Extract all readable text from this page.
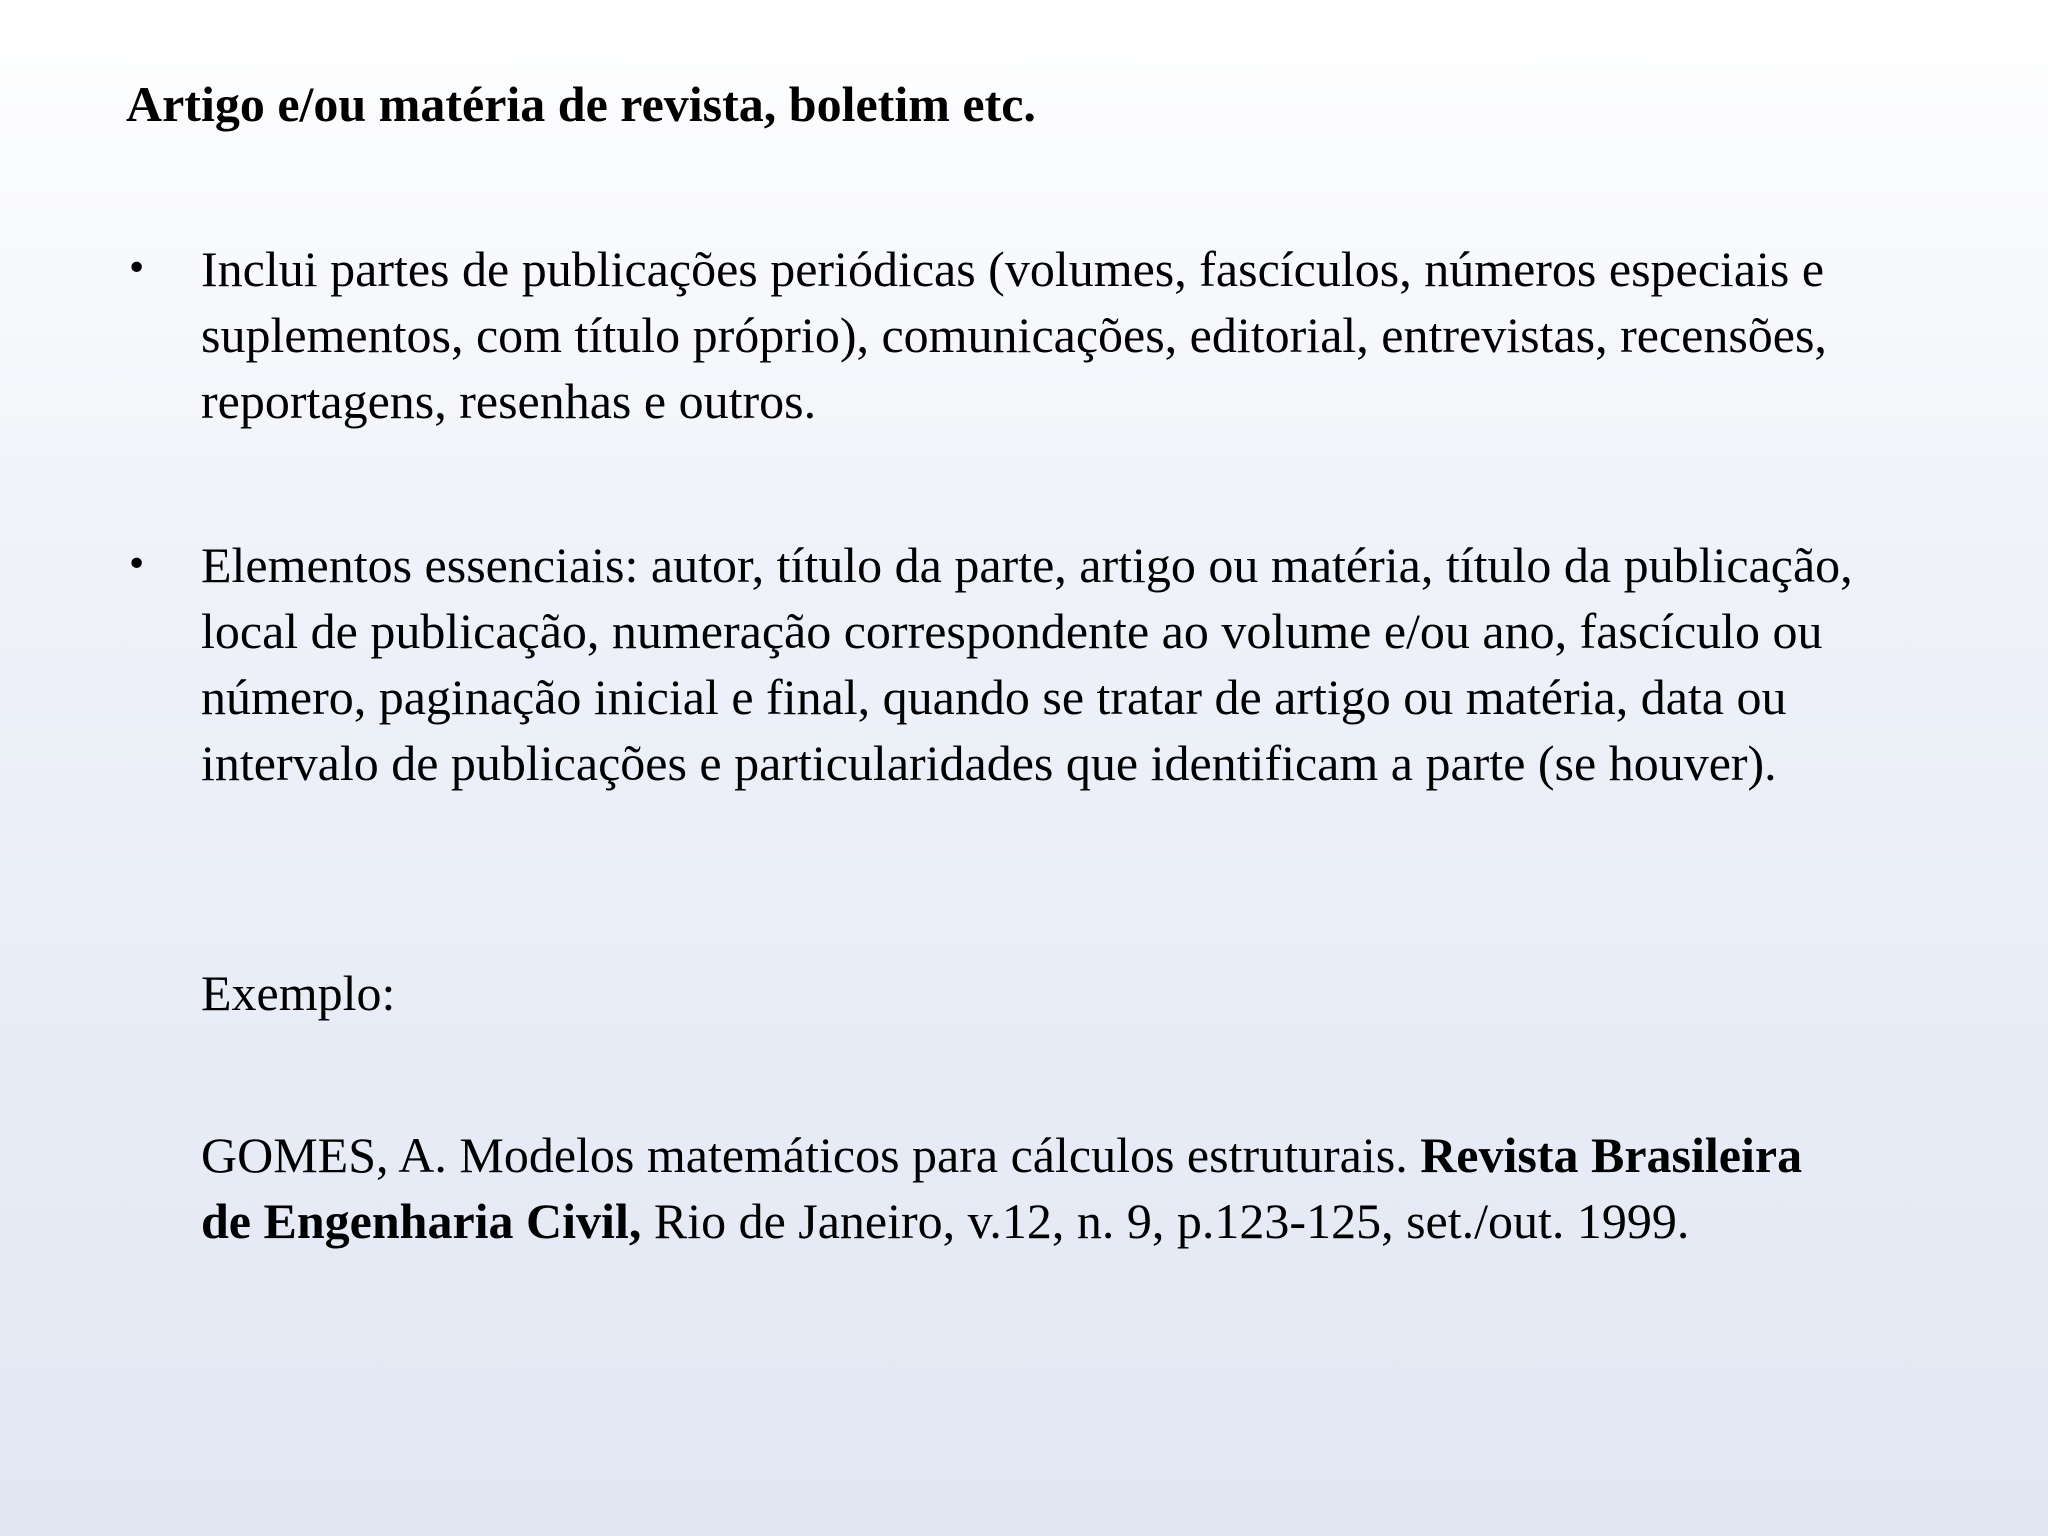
Artigo e/ou matéria de revista, boletim etc.
• Inclui partes de publicações periódicas (volumes, fascículos, números especiais e suplementos, com título próprio), comunicações, editorial, entrevistas, recensões, reportagens, resenhas e outros.
• Elementos essenciais: autor, título da parte, artigo ou matéria, título da publicação, local de publicação, numeração correspondente ao volume e/ou ano, fascículo ou número, paginação inicial e final, quando se tratar de artigo ou matéria, data ou intervalo de publicações e particularidades que identificam a parte (se houver).
Exemplo:
GOMES, A. Modelos matemáticos para cálculos estruturais. Revista Brasileira de Engenharia Civil, Rio de Janeiro, v.12, n. 9, p.123-125, set./out. 1999.
